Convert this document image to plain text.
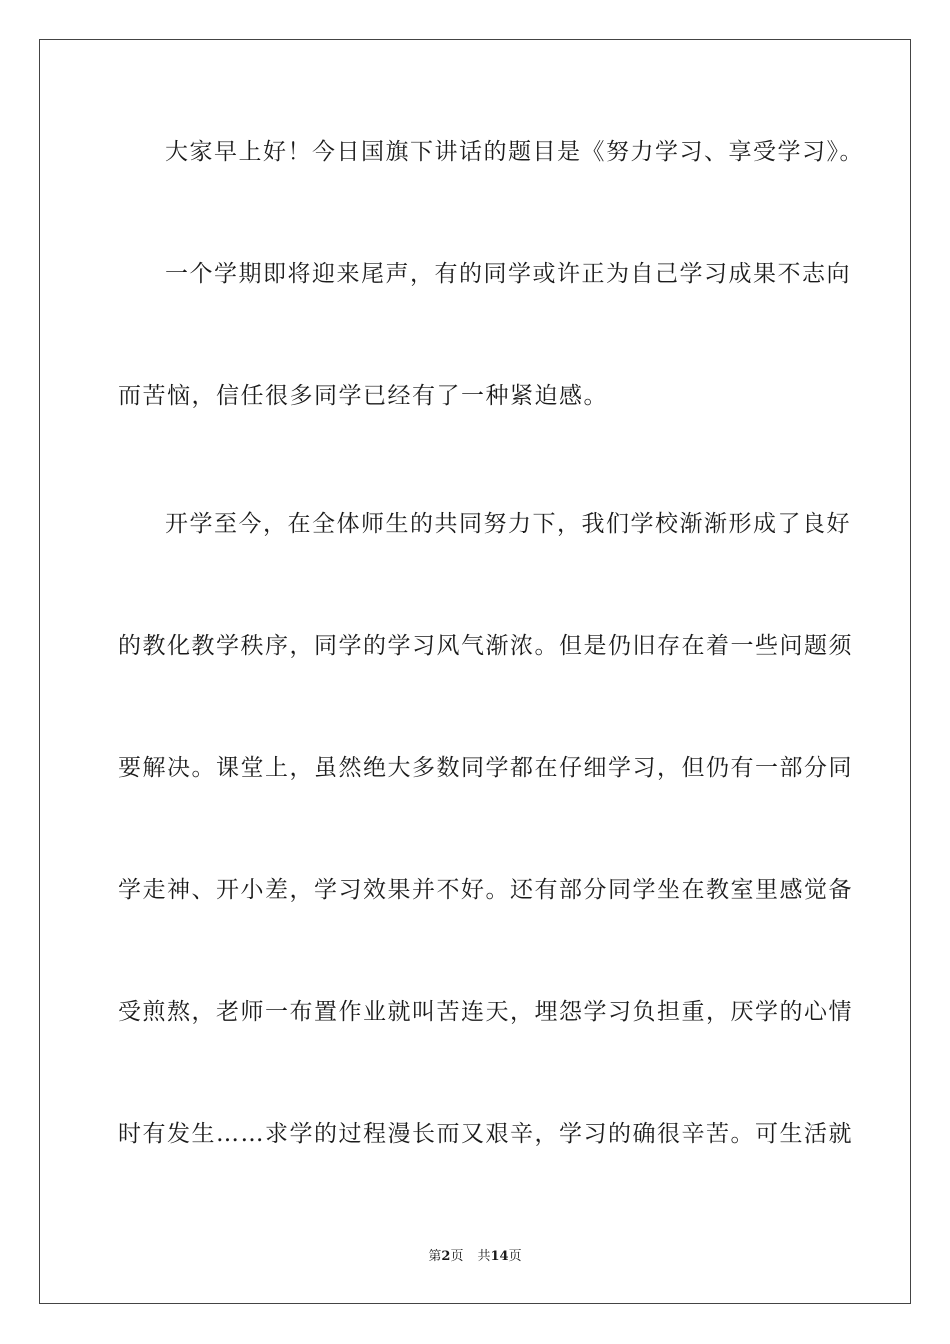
大家早上好！今日国旗下讲话的题目是《努力学习、享受学习》。
一个学期即将迎来尾声，有的同学或许正为自己学习成果不志向
而苦恼，信任很多同学已经有了一种紧迫感。
开学至今，在全体师生的共同努力下，我们学校渐渐形成了良好
的教化教学秩序，同学的学习风气渐浓。但是仍旧存在着一些问题须
要解决。课堂上，虽然绝大多数同学都在仔细学习，但仍有一部分同
学走神、开小差，学习效果并不好。还有部分同学坐在教室里感觉备
受煎熬，老师一布置作业就叫苦连天，埋怨学习负担重，厌学的心情
时有发生……求学的过程漫长而又艰辛，学习的确很辛苦。可生活就
第2页 共14页
